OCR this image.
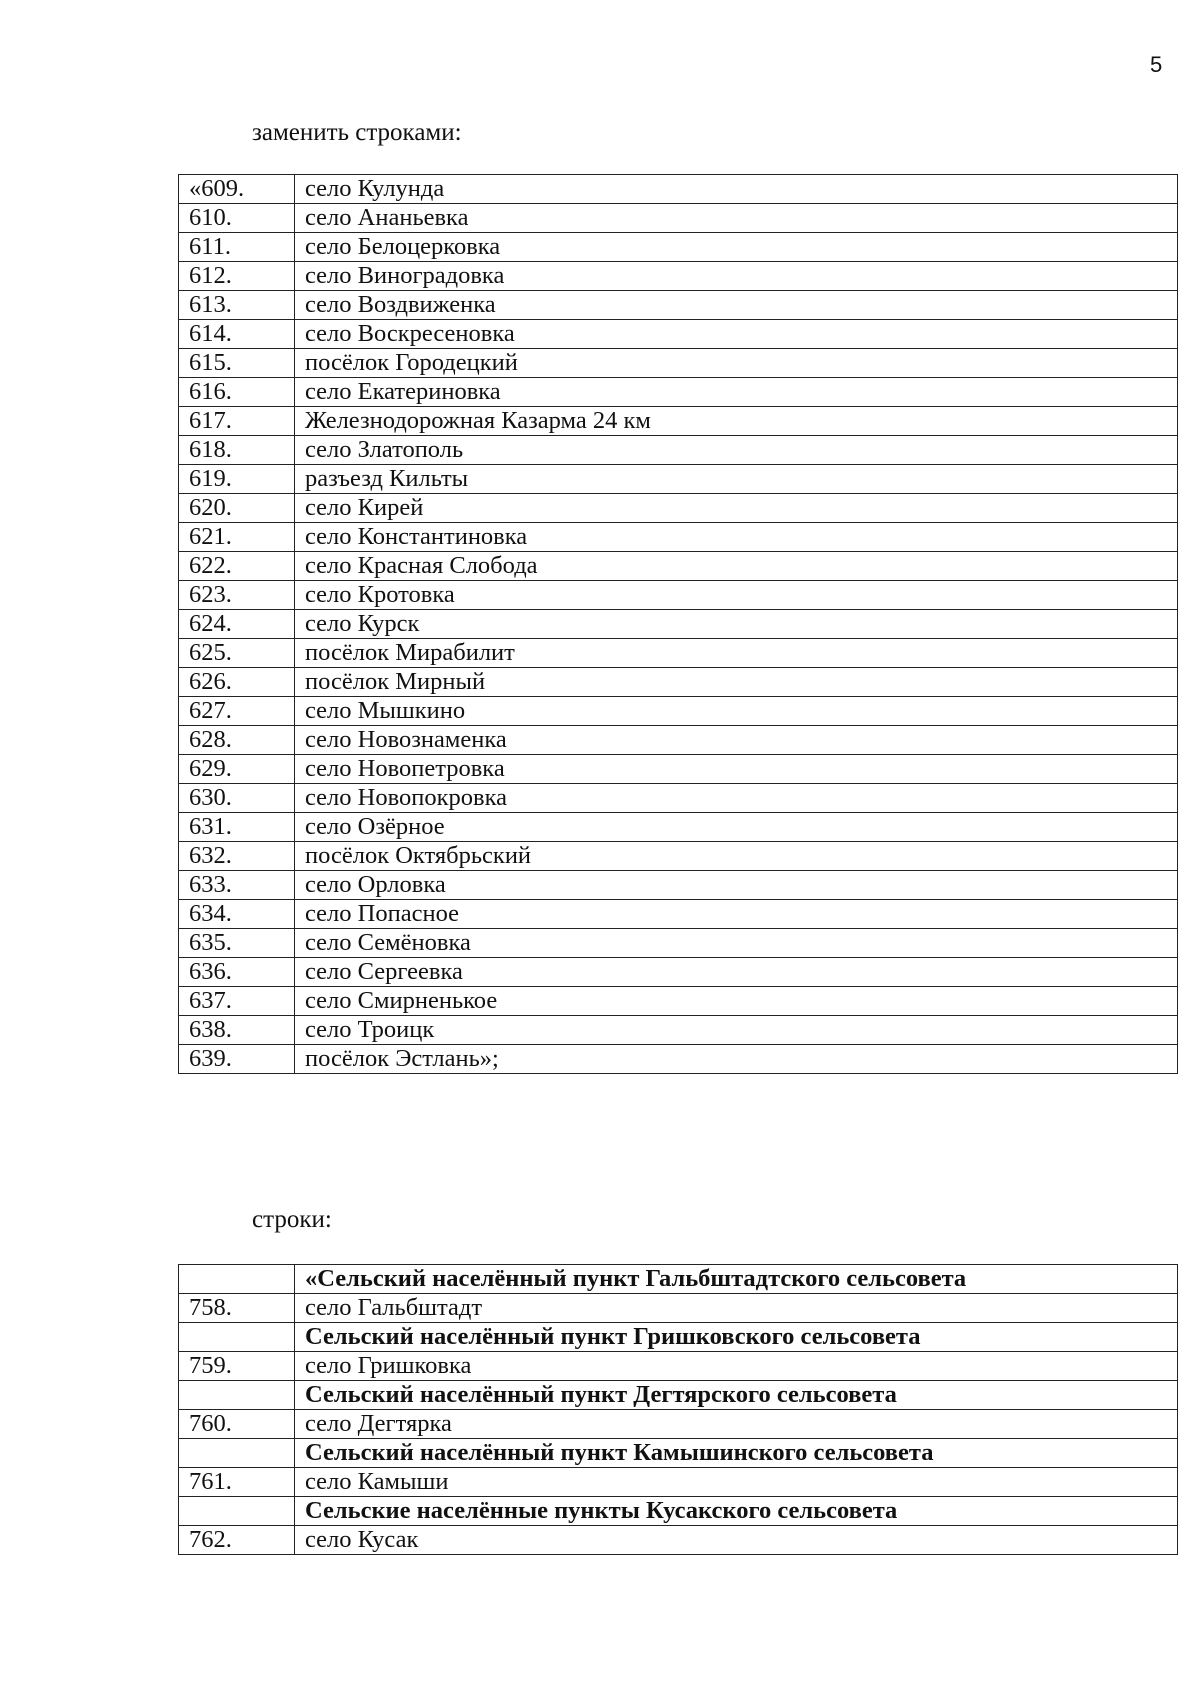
5
заменить строками:
«609.	село Кулунда
610.	село Ананьевка
611.	село Белоцерковка
612.	село Виноградовка
613.	село Воздвиженка
614.	село Воскресеновка
615.	посёлок Городецкий
616.	село Екатериновка
617.	Железнодорожная Казарма 24 км
618.	село Златополь
619.	разъезд Кильты
620.	село Кирей
621.	село Константиновка
622.	село Красная Слобода
623.	село Кротовка
624.	село Курск
625.	посёлок Мирабилит
626.	посёлок Мирный
627.	село Мышкино
628.	село Новознаменка
629.	село Новопетровка
630.	село Новопокровка
631.	село Озёрное
632.	посёлок Октябрьский
633.	село Орловка
634.	село Попасное
635.	село Семёновка
636.	село Сергеевка
637.	село Смирненькое
638.	село Троицк
639.	посёлок Эстлань»;
строки:
	«Сельский населённый пункт Гальбштадтского сельсовета
758.	село Гальбштадт
	Сельский населённый пункт Гришковского сельсовета
759.	село Гришковка
	Сельский населённый пункт Дегтярского сельсовета
760.	село Дегтярка
	Сельский населённый пункт Камышинского сельсовета
761.	село Камыши
	Сельские населённые пункты Кусакского сельсовета
762.	село Кусак
